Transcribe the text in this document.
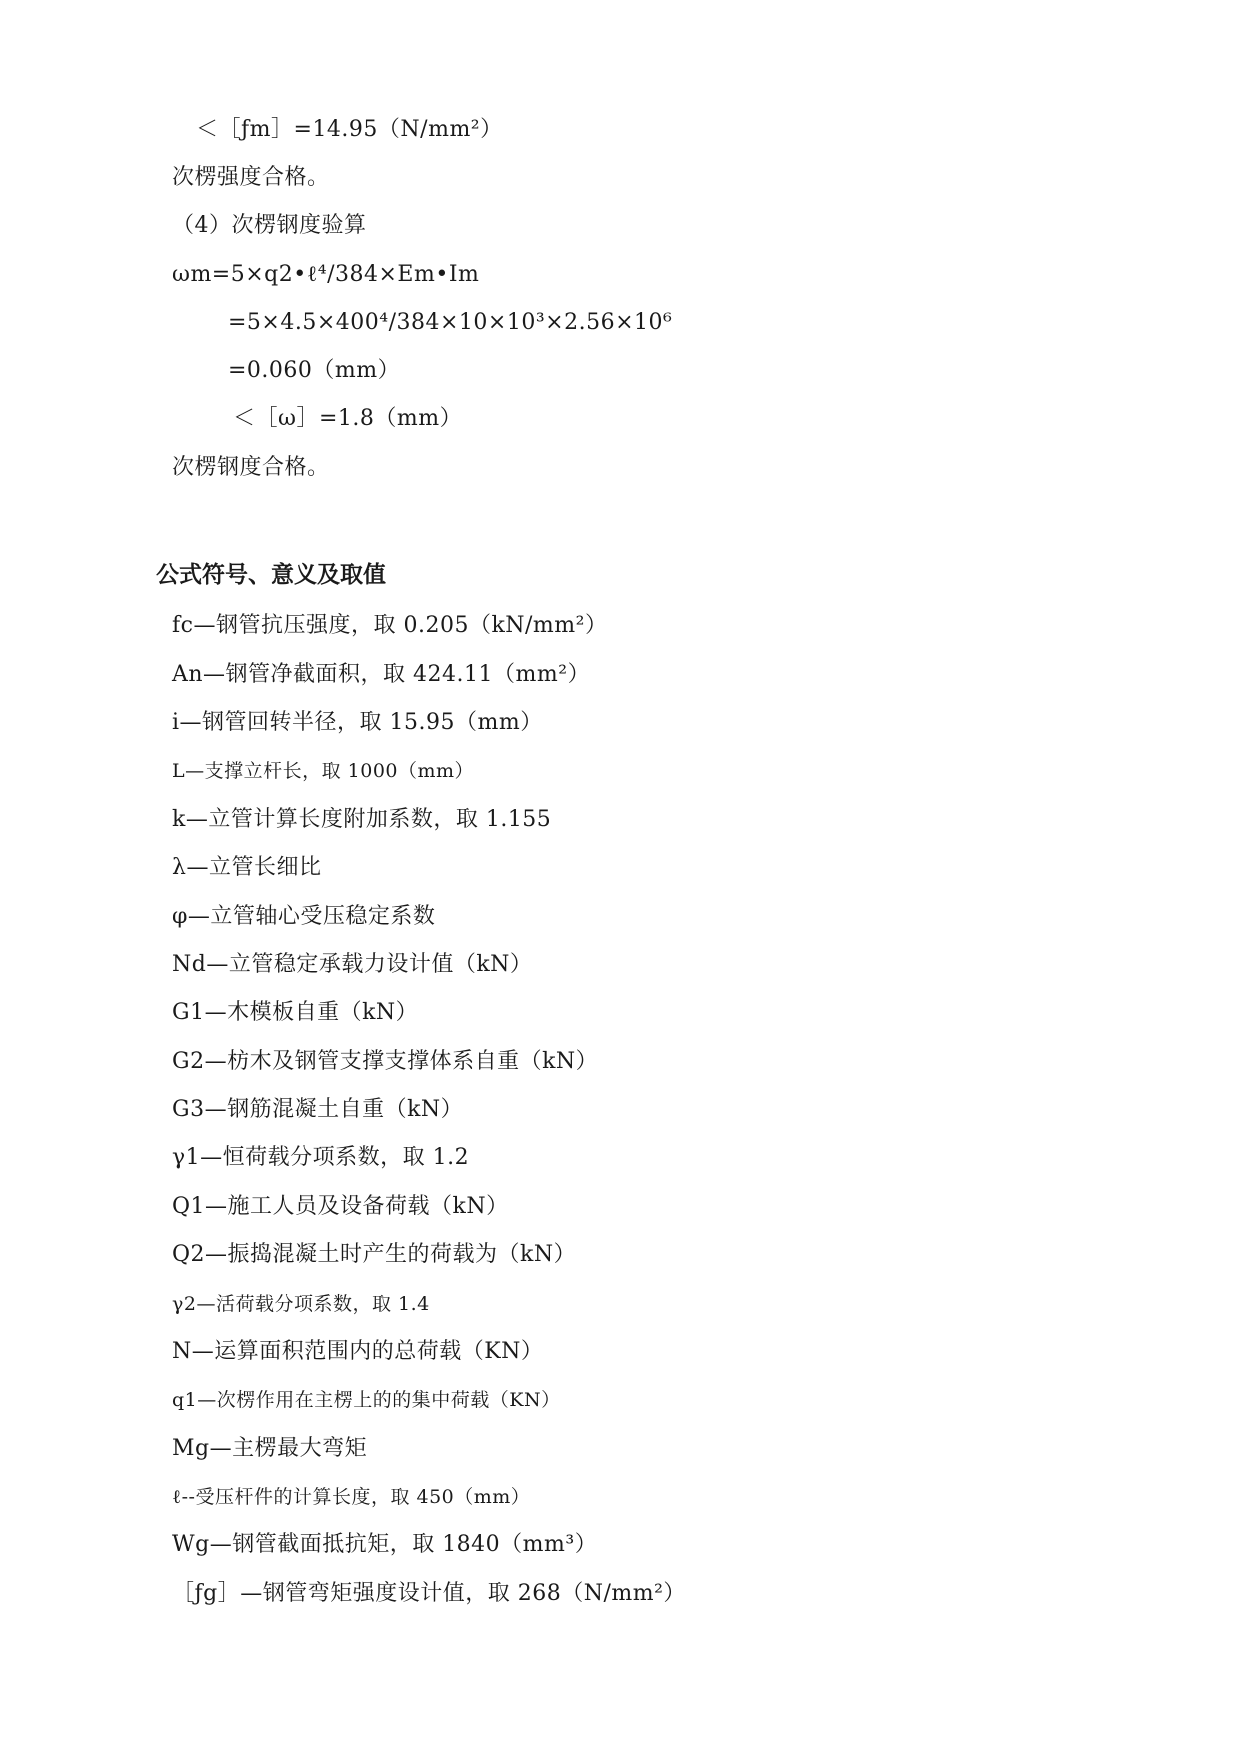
＜［ƒm］=14.95（N/mm²）
次楞强度合格。
（4）次楞钢度验算
ωm=5×q2•ℓ⁴/384×Em•Im
=5×4.5×400⁴/384×10×10³×2.56×10⁶
=0.060（mm）
＜［ω］=1.8（mm）
次楞钢度合格。
公式符号、意义及取值
fc—钢管抗压强度，取 0.205（kN/mm²）
An—钢管净截面积，取 424.11（mm²）
i—钢管回转半径，取 15.95（mm）
L—支撑立杆长，取 1000（mm）
k—立管计算长度附加系数，取 1.155
λ—立管长细比
φ—立管轴心受压稳定系数
Nd—立管稳定承载力设计值（kN）
G1—木模板自重（kN）
G2—枋木及钢管支撑支撑体系自重（kN）
G3—钢筋混凝土自重（kN）
γ1—恒荷载分项系数，取 1.2
Q1—施工人员及设备荷载（kN）
Q2—振捣混凝土时产生的荷载为（kN）
γ2—活荷载分项系数，取 1.4
N—运算面积范围内的总荷载（KN）
q1—次楞作用在主楞上的的集中荷载（KN）
Mg—主楞最大弯矩
ℓ--受压杆件的计算长度，取 450（mm）
Wg—钢管截面抵抗矩，取 1840（mm³）
［ƒg］—钢管弯矩强度设计值，取 268（N/mm²）
